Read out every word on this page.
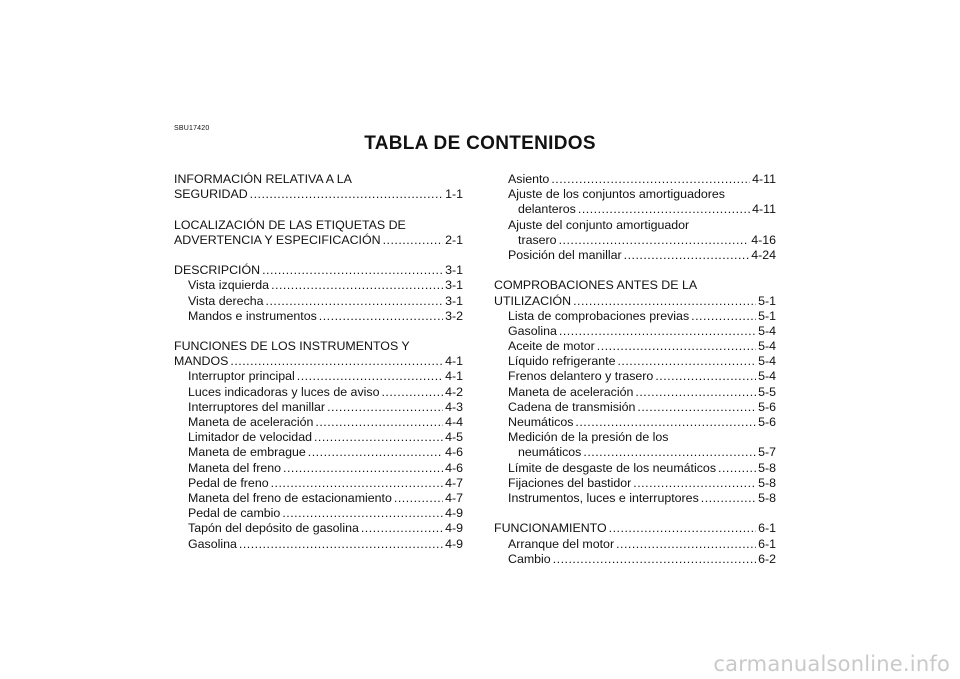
SBU17420
TABLA DE CONTENIDOS
INFORMACIÓN RELATIVA A LA
SEGURIDAD .....	1-1
LOCALIZACIÓN DE LAS ETIQUETAS DE
ADVERTENCIA Y ESPECIFICACIÓN .....	2-1
DESCRIPCIÓN .....	3-1
Vista izquierda .....	3-1
Vista derecha .....	3-1
Mandos e instrumentos .....	3-2
FUNCIONES DE LOS INSTRUMENTOS Y
MANDOS .....	4-1
Interruptor principal .....	4-1
Luces indicadoras y luces de aviso .....	4-2
Interruptores del manillar .....	4-3
Maneta de aceleración .....	4-4
Limitador de velocidad .....	4-5
Maneta de embrague .....	4-6
Maneta del freno .....	4-6
Pedal de freno .....	4-7
Maneta del freno de estacionamiento .....	4-7
Pedal de cambio .....	4-9
Tapón del depósito de gasolina .....	4-9
Gasolina .....	4-9
Asiento .....	4-11
Ajuste de los conjuntos amortiguadores
delanteros .....	4-11
Ajuste del conjunto amortiguador
trasero .....	4-16
Posición del manillar .....	4-24
COMPROBACIONES ANTES DE LA
UTILIZACIÓN .....	5-1
Lista de comprobaciones previas .....	5-1
Gasolina .....	5-4
Aceite de motor .....	5-4
Líquido refrigerante .....	5-4
Frenos delantero y trasero .....	5-4
Maneta de aceleración .....	5-5
Cadena de transmisión .....	5-6
Neumáticos .....	5-6
Medición de la presión de los
neumáticos .....	5-7
Límite de desgaste de los neumáticos .....	5-8
Fijaciones del bastidor .....	5-8
Instrumentos, luces e interruptores .....	5-8
FUNCIONAMIENTO .....	6-1
Arranque del motor .....	6-1
Cambio .....	6-2
carmanualsonline.info
